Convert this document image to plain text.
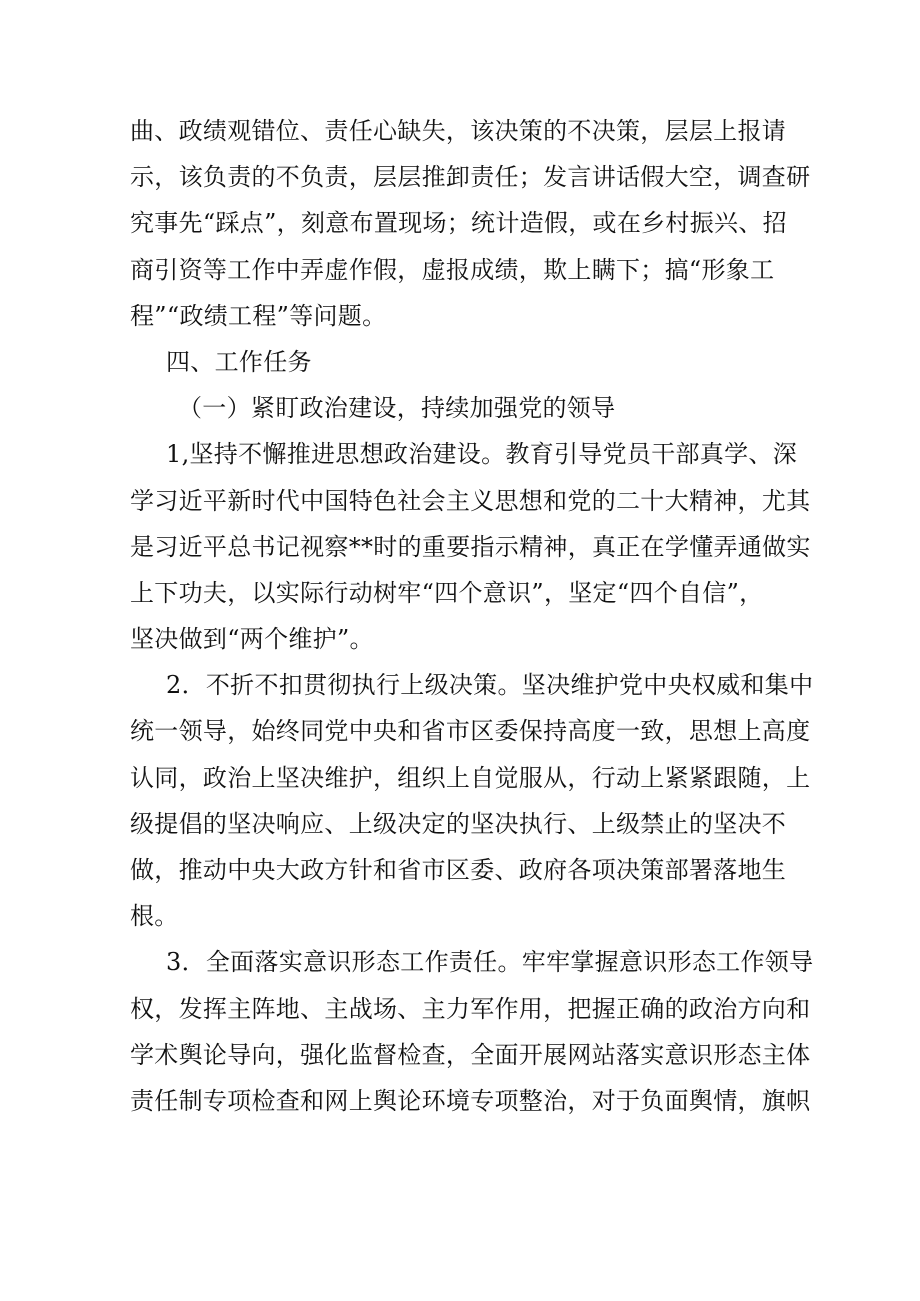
曲、政绩观错位、责任心缺失，该决策的不决策，层层上报请
示，该负责的不负责，层层推卸责任；发言讲话假大空，调查研
究事先“踩点”，刻意布置现场；统计造假，或在乡村振兴、招
商引资等工作中弄虚作假，虚报成绩，欺上瞒下；搞“形象工
程”“政绩工程”等问题。
四、工作任务
（一）紧盯政治建设，持续加强党的领导
1,坚持不懈推进思想政治建设。教育引导党员干部真学、深
学习近平新时代中国特色社会主义思想和党的二十大精神，尤其
是习近平总书记视察**时的重要指示精神，真正在学懂弄通做实
上下功夫，以实际行动树牢“四个意识”，坚定“四个自信”，
坚决做到“两个维护”。
2．不折不扣贯彻执行上级决策。坚决维护党中央权威和集中
统一领导，始终同党中央和省市区委保持高度一致，思想上高度
认同，政治上坚决维护，组织上自觉服从，行动上紧紧跟随，上
级提倡的坚决响应、上级决定的坚决执行、上级禁止的坚决不
做，推动中央大政方针和省市区委、政府各项决策部署落地生
根。
3．全面落实意识形态工作责任。牢牢掌握意识形态工作领导
权，发挥主阵地、主战场、主力军作用，把握正确的政治方向和
学术舆论导向，强化监督检查，全面开展网站落实意识形态主体
责任制专项检查和网上舆论环境专项整治，对于负面舆情，旗帜
